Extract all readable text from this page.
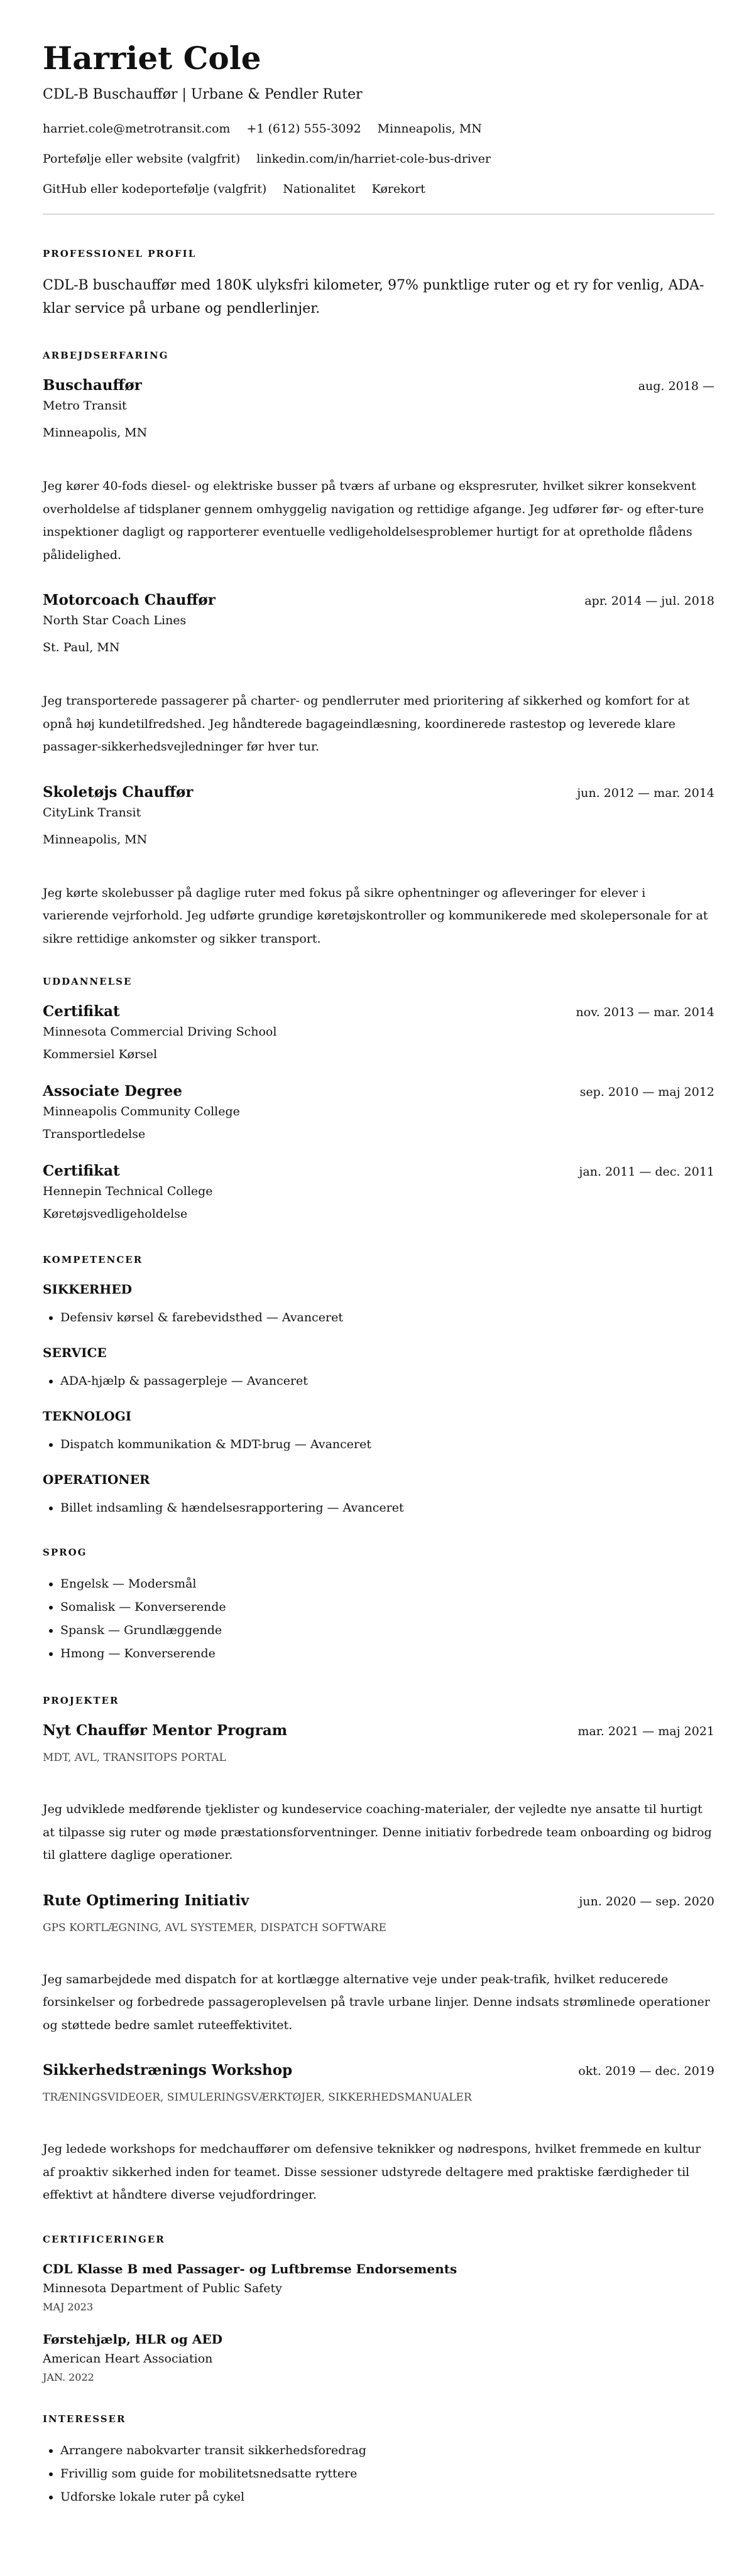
Harriet Cole
CDL-B Buschauffør | Urbane & Pendler Ruter
harriet.cole@metrotransit.com +1 (612) 555-3092 Minneapolis, MN
Portefølje eller website (valgfrit) linkedin.com/in/harriet-cole-bus-driver
GitHub eller kodeportefølje (valgfrit) Nationalitet Kørekort
PROFESSIONEL PROFIL

CDL-B buschauffør med 180K ulyksfri kilometer, 97% punktlige ruter og et ry for venlig, ADA-klar service på urbane og pendlerlinjer.

ARBEJDSERFARING
Buschauffør	aug. 2018 —
Metro Transit
Minneapolis, MN

Jeg kører 40-fods diesel- og elektriske busser på tværs af urbane og ekspresruter, hvilket sikrer konsekvent overholdelse af tidsplaner gennem omhyggelig navigation og rettidige afgange. Jeg udfører før- og efter-ture inspektioner dagligt og rapporterer eventuelle vedligeholdelsesproblemer hurtigt for at opretholde flådens pålidelighed.

Motorcoach Chauffør	apr. 2014 — jul. 2018
North Star Coach Lines
St. Paul, MN

Jeg transporterede passagerer på charter- og pendlerruter med prioritering af sikkerhed og komfort for at opnå høj kundetilfredshed. Jeg håndterede bagageindlæsning, koordinerede rastestop og leverede klare passager-sikkerhedsvejledninger før hver tur.

Skoletøjs Chauffør	jun. 2012 — mar. 2014
CityLink Transit
Minneapolis, MN

Jeg kørte skolebusser på daglige ruter med fokus på sikre ophentninger og afleveringer for elever i varierende vejrforhold. Jeg udførte grundige køretøjskontroller og kommunikerede med skolepersonale for at sikre rettidige ankomster og sikker transport.

UDDANNELSE
Certifikat	nov. 2013 — mar. 2014
Minnesota Commercial Driving School
Kommersiel Kørsel
Associate Degree	sep. 2010 — maj 2012
Minneapolis Community College
Transportledelse
Certifikat	jan. 2011 — dec. 2011
Hennepin Technical College
Køretøjsvedligeholdelse
KOMPETENCER
SIKKERHED
• Defensiv kørsel & farebevidsthed — Avanceret
SERVICE
• ADA-hjælp & passagerpleje — Avanceret
TEKNOLOGI
• Dispatch kommunikation & MDT-brug — Avanceret
OPERATIONER
• Billet indsamling & hændelsesrapportering — Avanceret
SPROG
• Engelsk — Modersmål
• Somalisk — Konverserende
• Spansk — Grundlæggende
• Hmong — Konverserende
PROJEKTER
Nyt Chauffør Mentor Program	mar. 2021 — maj 2021
MDT, AVL, TRANSITOPS PORTAL

Jeg udviklede medførende tjeklister og kundeservice coaching-materialer, der vejledte nye ansatte til hurtigt at tilpasse sig ruter og møde præstationsforventninger. Denne initiativ forbedrede team onboarding og bidrog til glattere daglige operationer.

Rute Optimering Initiativ	jun. 2020 — sep. 2020
GPS KORTLÆGNING, AVL SYSTEMER, DISPATCH SOFTWARE

Jeg samarbejdede med dispatch for at kortlægge alternative veje under peak-trafik, hvilket reducerede forsinkelser og forbedrede passageroplevelsen på travle urbane linjer. Denne indsats strømlinede operationer og støttede bedre samlet ruteeffektivitet.

Sikkerhedstrænings Workshop	okt. 2019 — dec. 2019
TRÆNINGSVIDEOER, SIMULERINGSVÆRKTØJER, SIKKERHEDSMANUALER

Jeg ledede workshops for medchauffører om defensive teknikker og nødrespons, hvilket fremmede en kultur af proaktiv sikkerhed inden for teamet. Disse sessioner udstyrede deltagere med praktiske færdigheder til effektivt at håndtere diverse vejudfordringer.

CERTIFICERINGER
CDL Klasse B med Passager- og Luftbremse Endorsements
Minnesota Department of Public Safety
MAJ 2023
Førstehjælp, HLR og AED
American Heart Association
JAN. 2022
INTERESSER
• Arrangere nabokvarter transit sikkerhedsforedrag
• Frivillig som guide for mobilitetsnedsatte ryttere
• Udforske lokale ruter på cykel
